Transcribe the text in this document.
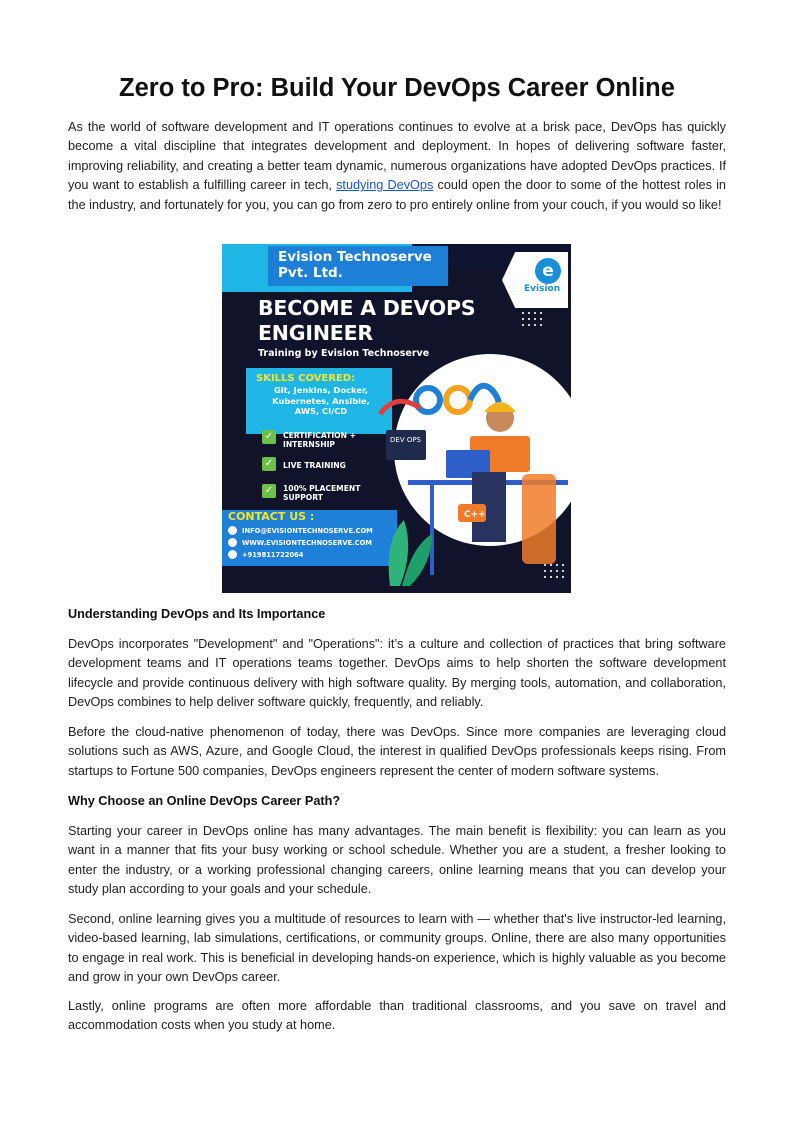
Zero to Pro: Build Your DevOps Career Online

As the world of software development and IT operations continues to evolve at a brisk pace, DevOps has quickly become a vital discipline that integrates development and deployment. In hopes of delivering software faster, improving reliability, and creating a better team dynamic, numerous organizations have adopted DevOps practices. If you want to establish a fulfilling career in tech, studying DevOps could open the door to some of the hottest roles in the industry, and fortunately for you, you can go from zero to pro entirely online from your couch, if you would so like!

Understanding DevOps and Its Importance

DevOps incorporates "Development" and "Operations": it’s a culture and collection of practices that bring software development teams and IT operations teams together. DevOps aims to help shorten the software development lifecycle and provide continuous delivery with high software quality. By merging tools, automation, and collaboration, DevOps combines to help deliver software quickly, frequently, and reliably.

Before the cloud-native phenomenon of today, there was DevOps. Since more companies are leveraging cloud solutions such as AWS, Azure, and Google Cloud, the interest in qualified DevOps professionals keeps rising. From startups to Fortune 500 companies, DevOps engineers represent the center of modern software systems.

Why Choose an Online DevOps Career Path?

Starting your career in DevOps online has many advantages. The main benefit is flexibility: you can learn as you want in a manner that fits your busy working or school schedule. Whether you are a student, a fresher looking to enter the industry, or a working professional changing careers, online learning means that you can develop your study plan according to your goals and your schedule.

Second, online learning gives you a multitude of resources to learn with — whether that's live instructor-led learning, video-based learning, lab simulations, certifications, or community groups. Online, there are also many opportunities to engage in real work. This is beneficial in developing hands-on experience, which is highly valuable as you become and grow in your own DevOps career.

Lastly, online programs are often more affordable than traditional classrooms, and you save on travel and accommodation costs when you study at home.

Evision Technoserve
Pvt. Ltd.	e
Evision
BECOME A DEVOPS
ENGINEER
Training by Evision Technoserve
SKILLS COVERED:
Git, Jenkins, Docker,
Kubernetes, Ansible,
AWS, CI/CD
✓	CERTIFICATION +
INTERNSHIP
✓	LIVE TRAINING
✓	100% PLACEMENT
SUPPORT
CONTACT US :
INFO@EVISIONTECHNOSERVE.COM
WWW.EVISIONTECHNOSERVE.COM
+919811722064
DEV OPS
C++
